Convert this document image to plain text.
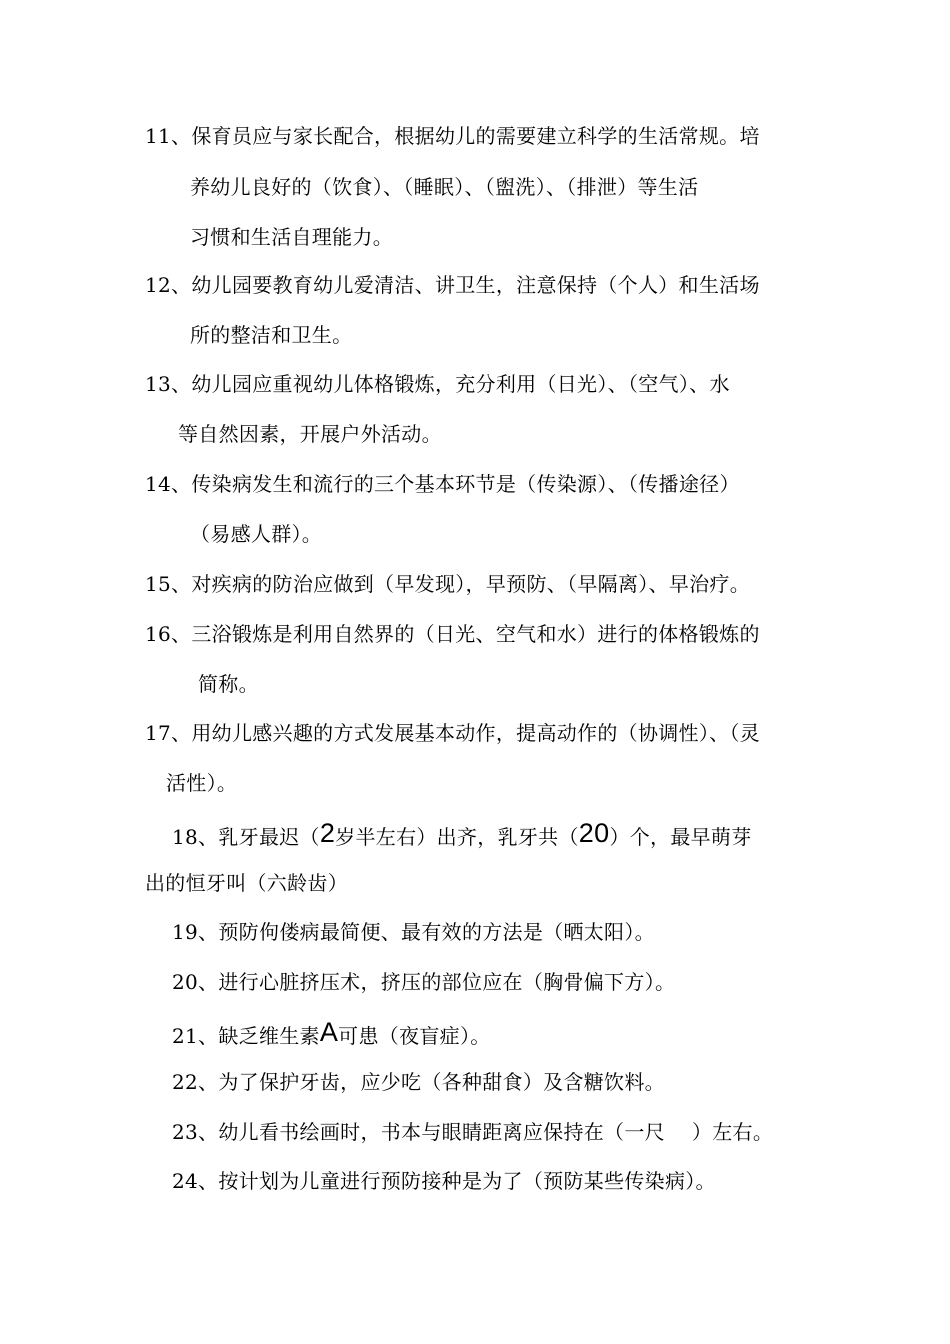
11、保育员应与家长配合，根据幼儿的需要建立科学的生活常规。培
养幼儿良好的（饮食）、（睡眠）、（盥洗）、（排泄）等生活
习惯和生活自理能力。
12、幼儿园要教育幼儿爱清洁、讲卫生，注意保持（个人）和生活场
所的整洁和卫生。
13、幼儿园应重视幼儿体格锻炼，充分利用（日光）、（空气）、水
等自然因素，开展户外活动。
14、传染病发生和流行的三个基本环节是（传染源）、（传播途径）
（易感人群）。
15、对疾病的防治应做到（早发现），早预防、（早隔离）、早治疗。
16、三浴锻炼是利用自然界的（日光、空气和水）进行的体格锻炼的
简称。
17、用幼儿感兴趣的方式发展基本动作，提高动作的（协调性）、（灵
活性）。
18、乳牙最迟（2岁半左右）出齐，乳牙共（20）个，最早萌芽
出的恒牙叫（六龄齿）
19、预防佝偻病最简便、最有效的方法是（晒太阳）。
20、进行心脏挤压术，挤压的部位应在（胸骨偏下方）。
21、缺乏维生素A可患（夜盲症）。
22、为了保护牙齿，应少吃（各种甜食）及含糖饮料。
23、幼儿看书绘画时，书本与眼睛距离应保持在（一尺　 ）左右。
24、按计划为儿童进行预防接种是为了（预防某些传染病）。
